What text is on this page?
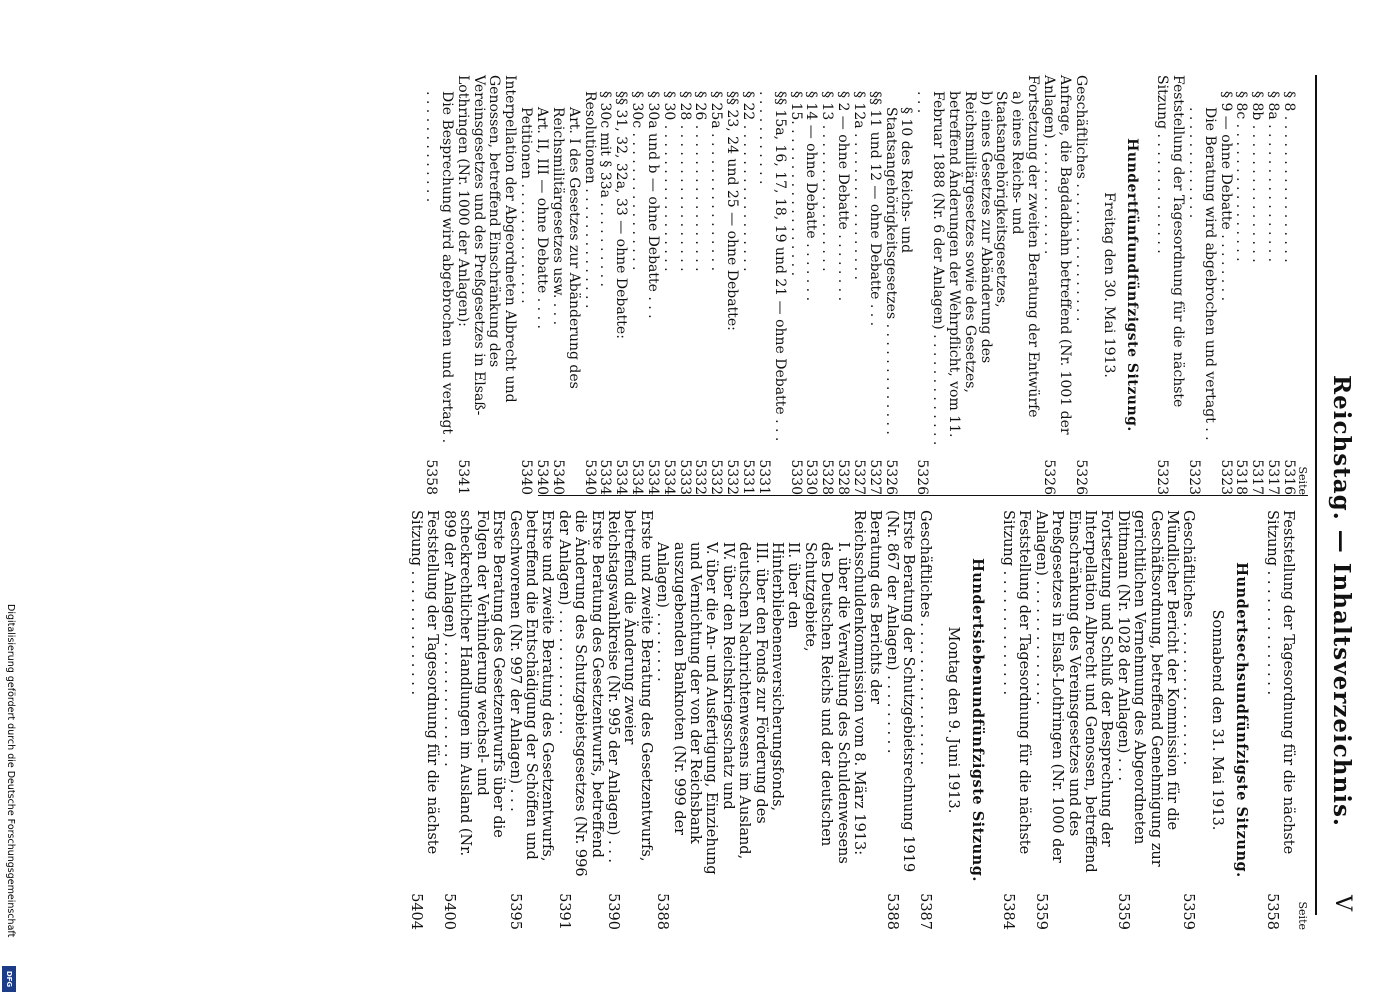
Reichstag. — Inhaltsverzeichnis.
V
Seite
§ 8 . . . . . . . . . . . . . . . . .
5316
§ 8a . . . . . . . . . . . . . . . .
5317
§ 8b . . . . . . . . . . . . . . . .
5317
§ 8c . . . . . . . . . . . . . . . .
5318
§ 9 — ohne Debatte . . . . . . . .
5323
Die Beratung wird abgebrochen und vertagt . . . . . . . . . . . . . . .
5323
Feststellung der Tagesordnung für die nächste Sitzung . . . . . . . . . . . . . .
5323
Hundertfünfundfünfzigste Sitzung.
Freitag den 30. Mai 1913.
Geschäftliches . . . . . . . . . . . . . . . .
5326
Anfrage, die Bagdadbahn betreffend (Nr. 1001 der Anlagen) . . . . . . . . . . . . .
5326
Fortsetzung der zweiten Beratung der Entwürfe
a) eines Reichs- und Staatsangehörigkeitsgesetzes,
b) eines Gesetzes zur Abänderung des Reichsmilitärgesetzes sowie des Gesetzes, betreffend Änderungen der Wehrpflicht, vom 11. Februar 1888 (Nr. 6 der Anlagen) . . . . . . . . . . . . . . . .
5326
§ 10 des Reichs- und Staatsangehörigkeitsgesetzes . . . . . . . . . . . . .
5326
§§ 11 und 12 — ohne Debatte . . .
5327
§ 12a . . . . . . . . . . . . . . . . .
5327
§ 2 — ohne Debatte . . . . . . . .
5328
§ 13 . . . . . . . . . . . . . . . . .
5328
§ 14 — ohne Debatte . . . . . . .
5330
§ 15. . . . . . . . . . . . . . . . . .
5330
§§ 15a, 16, 17, 18, 19 und 21 — ohne Debatte . . . . . . . . . . . . . .
5331
§ 22 . . . . . . . . . . . . . . . . .
5331
§§ 23, 24 und 25 — ohne Debatte:
5332
§ 25a . . . . . . . . . . . . . . . .
5332
§ 26 . . . . . . . . . . . . . . . . .
5332
§ 28 . . . . . . . . . . . . . . . . .
5333
§ 30 . . . . . . . . . . . . . . . . .
5334
§ 30a und b — ohne Debatte . . .
5334
§ 30c . . . . . . . . . . . . . . . .
5334
§§ 31, 32, 32a, 33 — ohne Debatte:
5334
§ 30c mit § 33a . . . . . . . . . .
5334
Resolutionen . . . . . . . . . . . . . .
5340
Art. I des Gesetzes zur Abänderung des Reichsmilitärgesetzes usw. . . .
5340
Art. II, III — ohne Debatte . . . .
5340
Petitionen . . . . . . . . . . . . . .
5340
Interpellation der Abgeordneten Albrecht und Genossen, betreffend Einschränkung des Vereinsgesetzes und des Preßgesetzes in Elsaß-Lothringen (Nr. 1000 der Anlagen):
5341
Die Besprechung wird abgebrochen und vertagt . . . . . . . . . . . . . .
5358
Seite
Feststellung der Tagesordnung für die nächste Sitzung . . . . . . . . . . . . . .
5358
Hundertsechsundfünfzigste Sitzung.
Sonnabend den 31. Mai 1913.
Geschäftliches . . . . . . . . . . . . . . . .
5359
Mündlicher Bericht der Kommission für die Geschäftsordnung, betreffend Genehmigung zur gerichtlichen Vernehmung des Abgeordneten Dittmann (Nr. 1028 der Anlagen) . . .
5359
Fortsetzung und Schluß der Besprechung der Interpellation Albrecht und Genossen, betreffend Einschränkung des Vereinsgesetzes und des Preßgesetzes in Elsaß-Lothringen (Nr. 1000 der Anlagen) . . . . . . . . . . . . . .
5359
Feststellung der Tagesordnung für die nächste Sitzung . . . . . . . . . . . . . .
5384
Hundertsiebenundfünfzigste Sitzung.
Montag den 9. Juni 1913.
Geschäftliches . . . . . . . . . . . . . . . .
5387
Erste Beratung der Schutzgebietsrechnung 1919 (Nr. 867 der Anlagen) . . . . . . . . .
5388
Beratung des Berichts der Reichsschuldenkommission vom 8. März 1913:
I. über die Verwaltung des Schuldenwesens des Deutschen Reichs und der deutschen Schutzgebiete,
II. über den Hinterbliebenenversicherungsfonds,
III. über den Fonds zur Förderung des deutschen Nachrichtenwesens im Ausland,
IV. über den Reichskriegsschatz und
V. über die An- und Ausfertigung, Einziehung und Vernichtung der von der Reichsbank auszugebenden Banknoten (Nr. 999 der Anlagen) . . . . . . . .
5388
Erste und zweite Beratung des Gesetzentwurfs, betreffend die Änderung zweier Reichstagswahlkreise (Nr. 995 der Anlagen) . . .
5390
Erste Beratung des Gesetzentwurfs, betreffend die Änderung des Schutzgebietsgesetzes (Nr. 996 der Anlagen) . . . . . . . . . . . . . .
5391
Erste und zweite Beratung des Gesetzentwurfs, betreffend die Entschädigung der Schöffen und Geschworenen (Nr. 997 der Anlagen) . . .
5395
Erste Beratung des Gesetzentwurfs über die Folgen der Verhinderung wechsel- und scheckrechtlicher Handlungen im Ausland (Nr. 899 der Anlagen) . . . . . . . . . . . . . .
5400
Feststellung der Tagesordnung für die nächste Sitzung . . . . . . . . . . . . . .
5404
Digitalisierung gefördert durch die Deutsche Forschungsgemeinschaft
DFG
